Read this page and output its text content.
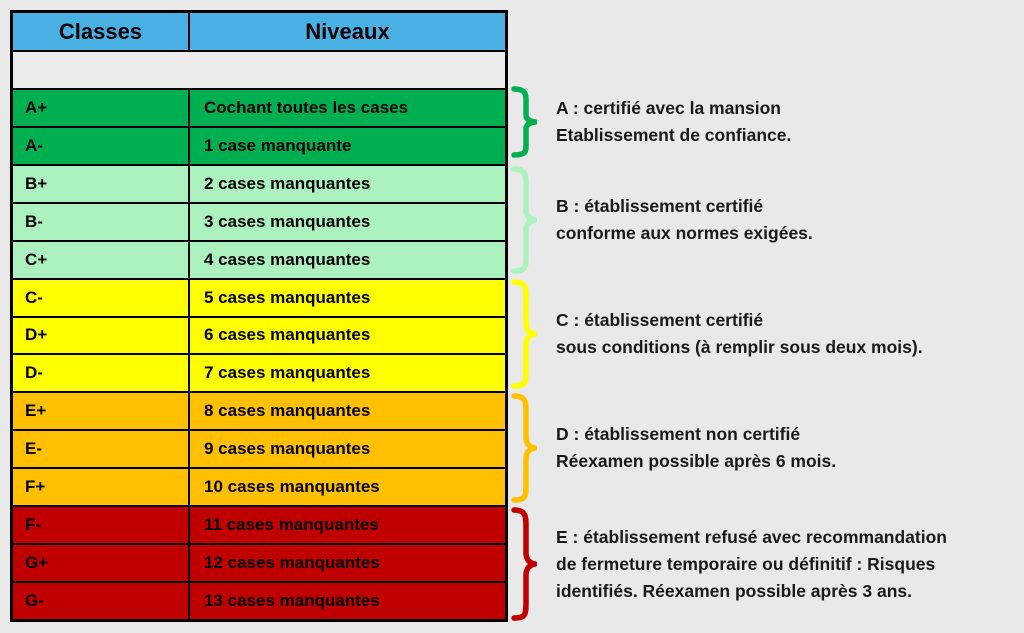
Classes	Niveaux
A+	Cochant toutes les cases
A-	1 case manquante
B+	2 cases manquantes
B-	3 cases manquantes
C+	4 cases manquantes
C-	5 cases manquantes
D+	6 cases manquantes
D-	7 cases manquantes
E+	8 cases manquantes
E-	9 cases manquantes
F+	10 cases manquantes
F-	11 cases manquantes
G+	12 cases manquantes
G-	13 cases manquantes
A : certifié avec la mansion
Etablissement de confiance.
B : établissement certifié
conforme aux normes exigées.
C : établissement certifié
sous conditions (à remplir sous deux mois).
D : établissement non certifié
Réexamen possible après 6 mois.
E : établissement refusé avec recommandation
de fermeture temporaire ou définitif : Risques
identifiés. Réexamen possible après 3 ans.
